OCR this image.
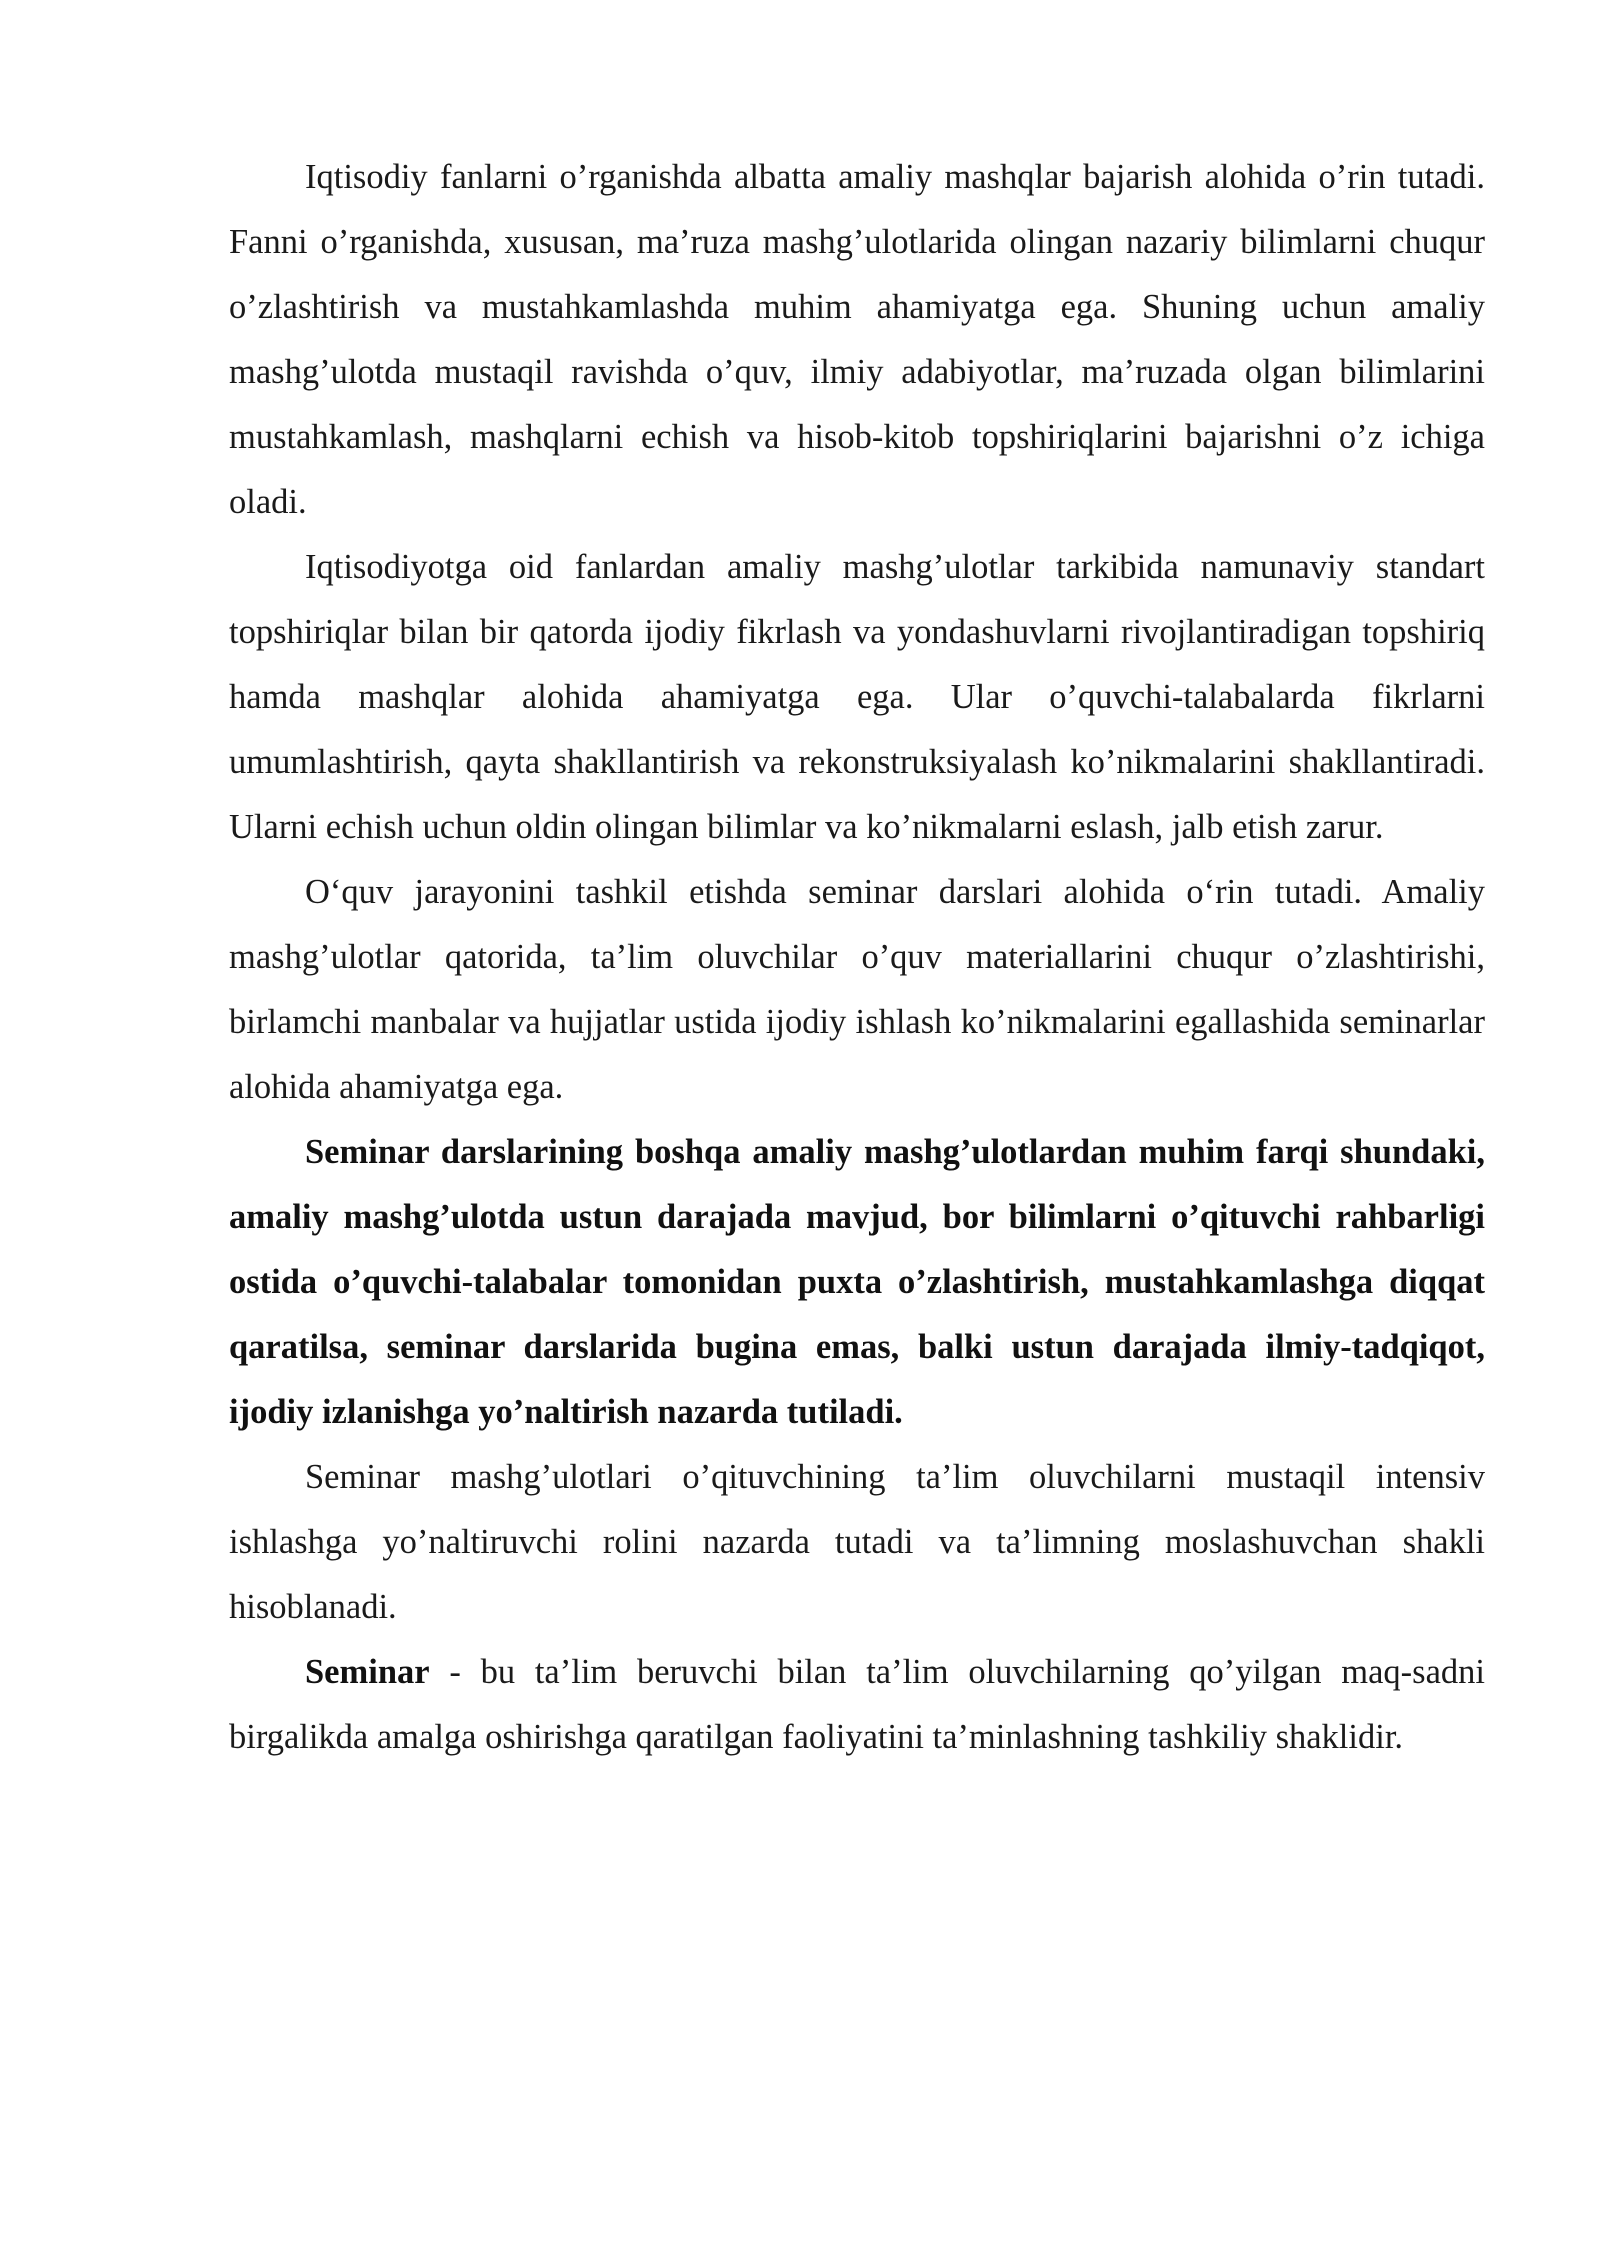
Iqtisodiy fanlarni o’rganishda albatta amaliy mashqlar bajarish alohida o’rin tutadi. Fanni o’rganishda, xususan, ma’ruza mashg’ulotlarida olingan nazariy bilimlarni chuqur o’zlashtirish va mustahkamlashda muhim ahamiyatga ega. Shuning uchun amaliy mashg’ulotda mustaqil ravishda o’quv, ilmiy adabiyotlar, ma’ruzada olgan bilimlarini mustahkamlash, mashqlarni echish va hisob-kitob topshiriqlarini bajarishni o’z ichiga oladi.

Iqtisodiyotga oid fanlardan amaliy mashg’ulotlar tarkibida namunaviy standart topshiriqlar bilan bir qatorda ijodiy fikrlash va yondashuvlarni rivojlantiradigan topshiriq hamda mashqlar alohida ahamiyatga ega. Ular o’quvchi-talabalarda fikrlarni umumlashtirish, qayta shakllantirish va rekonstruksiyalash ko’nikmalarini shakllantiradi. Ularni echish uchun oldin olingan bilimlar va ko’nikmalarni eslash, jalb etish zarur.

O‘quv jarayonini tashkil etishda seminar darslari alohida o‘rin tutadi. Amaliy mashg’ulotlar qatorida, ta’lim oluvchilar o’quv materiallarini chuqur o’zlashtirishi, birlamchi manbalar va hujjatlar ustida ijodiy ishlash ko’nikmalarini egallashida seminarlar alohida ahamiyatga ega.

Seminar darslarining boshqa amaliy mashg’ulotlardan muhim farqi shundaki, amaliy mashg’ulotda ustun darajada mavjud, bor bilimlarni o’qituvchi rahbarligi ostida o’quvchi-talabalar tomonidan puxta o’zlashtirish, mustahkamlashga diqqat qaratilsa, seminar darslarida bugina emas, balki ustun darajada ilmiy-tadqiqot, ijodiy izlanishga yo’naltirish nazarda tutiladi.

Seminar mashg’ulotlari o’qituvchining ta’lim oluvchilarni mustaqil intensiv ishlashga yo’naltiruvchi rolini nazarda tutadi va ta’limning moslashuvchan shakli hisoblanadi.

Seminar - bu ta’lim beruvchi bilan ta’lim oluvchilarning qo’yilgan maq-sadni birgalikda amalga oshirishga qaratilgan faoliyatini ta’minlashning tashkiliy shaklidir.
